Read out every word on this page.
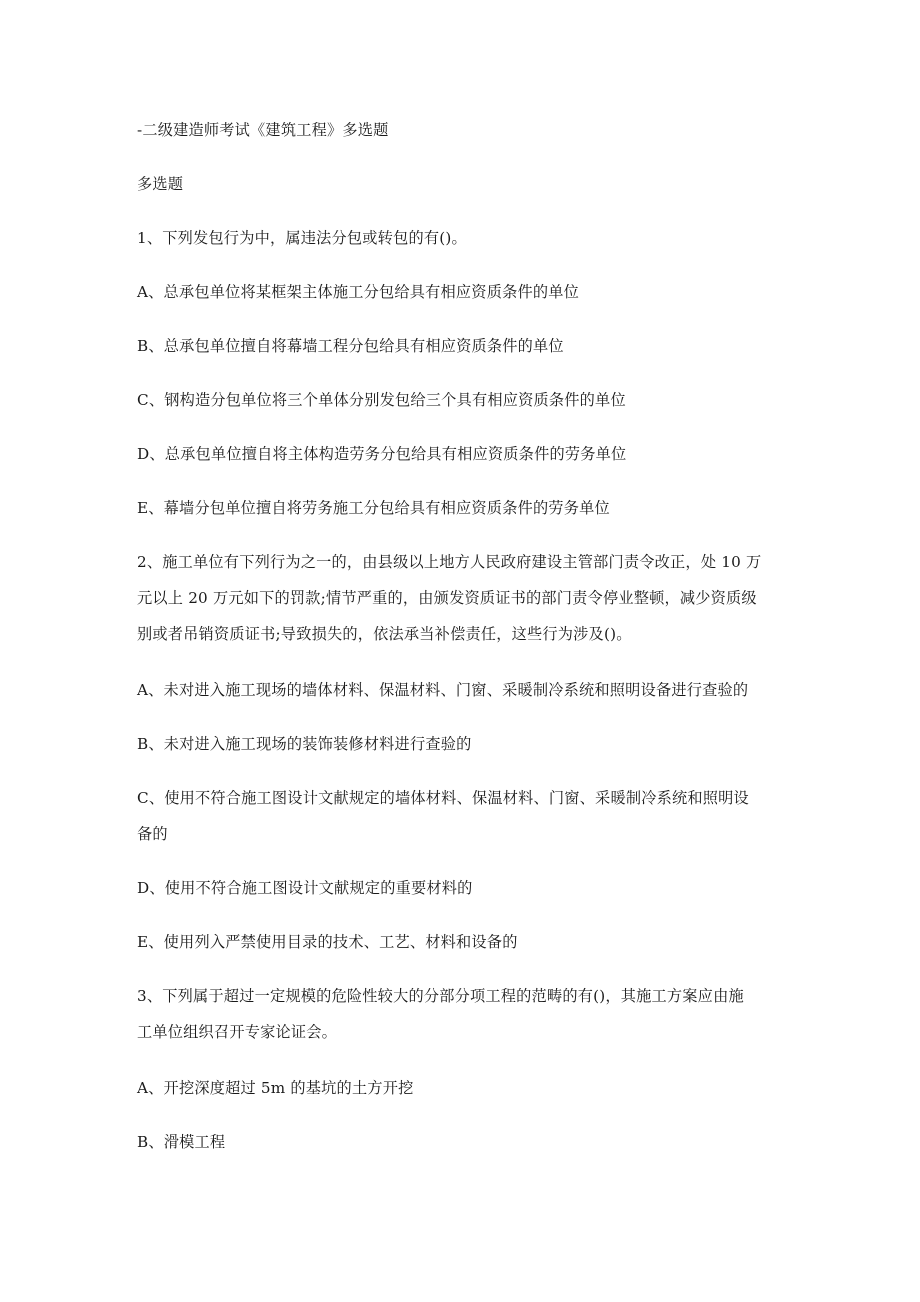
-二级建造师考试《建筑工程》多选题

多选题

1、下列发包行为中，属违法分包或转包的有()。

A、总承包单位将某框架主体施工分包给具有相应资质条件的单位

B、总承包单位擅自将幕墙工程分包给具有相应资质条件的单位

C、钢构造分包单位将三个单体分别发包给三个具有相应资质条件的单位

D、总承包单位擅自将主体构造劳务分包给具有相应资质条件的劳务单位

E、幕墙分包单位擅自将劳务施工分包给具有相应资质条件的劳务单位

2、施工单位有下列行为之一的，由县级以上地方人民政府建设主管部门责令改正，处 10 万

元以上 20 万元如下的罚款;情节严重的，由颁发资质证书的部门责令停业整顿，减少资质级

别或者吊销资质证书;导致损失的，依法承当补偿责任，这些行为涉及()。

A、未对进入施工现场的墙体材料、保温材料、门窗、采暖制冷系统和照明设备进行查验的

B、未对进入施工现场的装饰装修材料进行查验的

C、使用不符合施工图设计文献规定的墙体材料、保温材料、门窗、采暖制冷系统和照明设

备的

D、使用不符合施工图设计文献规定的重要材料的

E、使用列入严禁使用目录的技术、工艺、材料和设备的

3、下列属于超过一定规模的危险性较大的分部分项工程的范畴的有()，其施工方案应由施

工单位组织召开专家论证会。

A、开挖深度超过 5m 的基坑的土方开挖

B、滑模工程
